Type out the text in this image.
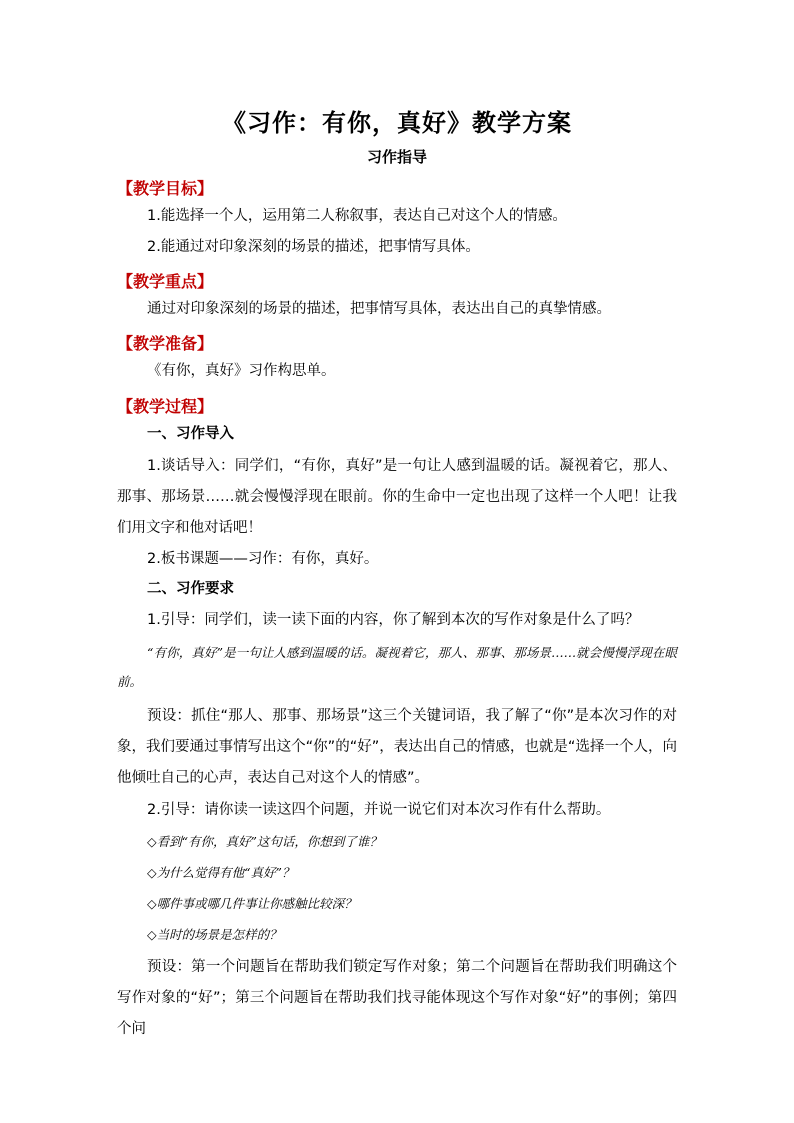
《习作：有你，真好》教学方案
习作指导
【教学目标】
1.能选择一个人，运用第二人称叙事，表达自己对这个人的情感。
2.能通过对印象深刻的场景的描述，把事情写具体。
【教学重点】
通过对印象深刻的场景的描述，把事情写具体，表达出自己的真挚情感。
【教学准备】
《有你，真好》习作构思单。
【教学过程】
一、习作导入
1.谈话导入：同学们，“有你，真好”是一句让人感到温暖的话。凝视着它，那人、那事、那场景……就会慢慢浮现在眼前。你的生命中一定也出现了这样一个人吧！让我们用文字和他对话吧！
2.板书课题——习作：有你，真好。
二、习作要求
1.引导：同学们，读一读下面的内容，你了解到本次的写作对象是什么了吗？
“有你，真好”是一句让人感到温暖的话。凝视着它，那人、那事、那场景……就会慢慢浮现在眼前。
预设：抓住“那人、那事、那场景”这三个关键词语，我了解了“你”是本次习作的对象，我们要通过事情写出这个“你”的“好”，表达出自己的情感，也就是“选择一个人，向他倾吐自己的心声，表达自己对这个人的情感”。
2.引导：请你读一读这四个问题，并说一说它们对本次习作有什么帮助。
◇看到“有你，真好”这句话，你想到了谁？
◇为什么觉得有他“真好”？
◇哪件事或哪几件事让你感触比较深？
◇当时的场景是怎样的？
预设：第一个问题旨在帮助我们锁定写作对象；第二个问题旨在帮助我们明确这个写作对象的“好”；第三个问题旨在帮助我们找寻能体现这个写作对象“好”的事例；第四个问
